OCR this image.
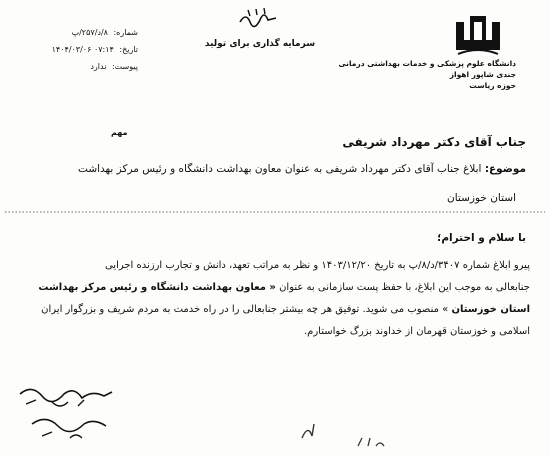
دانشگاه علوم پزشکی و خدمات بهداشتی درمانی
جندی شاپور اهواز
حوزه ریاست
سرمایه گذاری برای تولید
شماره: ۸/د/۲۵۷/پ
تاریخ: ۰۷:۱۴ ۱۴۰۴/۰۳/۰۶
پیوست: ندارد
مهم
جناب آقای دکتر مهرداد شریفی
موضوع: ابلاغ جناب آقای دکتر مهرداد شریفی به عنوان معاون بهداشت دانشگاه و رئیس مرکز بهداشت
استان خوزستان
با سلام و احترام؛
پیرو ابلاغ شماره ۳۴۰۷/د/۸/پ به تاریخ ۱۴۰۳/۱۲/۲۰ و نظر به مراتب تعهد، دانش و تجارب ارزنده اجرایی
جنابعالی به موجب این ابلاغ، با حفظ پست سازمانی به عنوان « معاون بهداشت دانشگاه و رئیس مرکز بهداشت
استان خوزستان » منصوب می شوید. توفیق هر چه بیشتر جنابعالی را در راه خدمت به مردم شریف و بزرگوار ایران
اسلامی و خوزستان قهرمان از خداوند بزرگ خواستارم.
